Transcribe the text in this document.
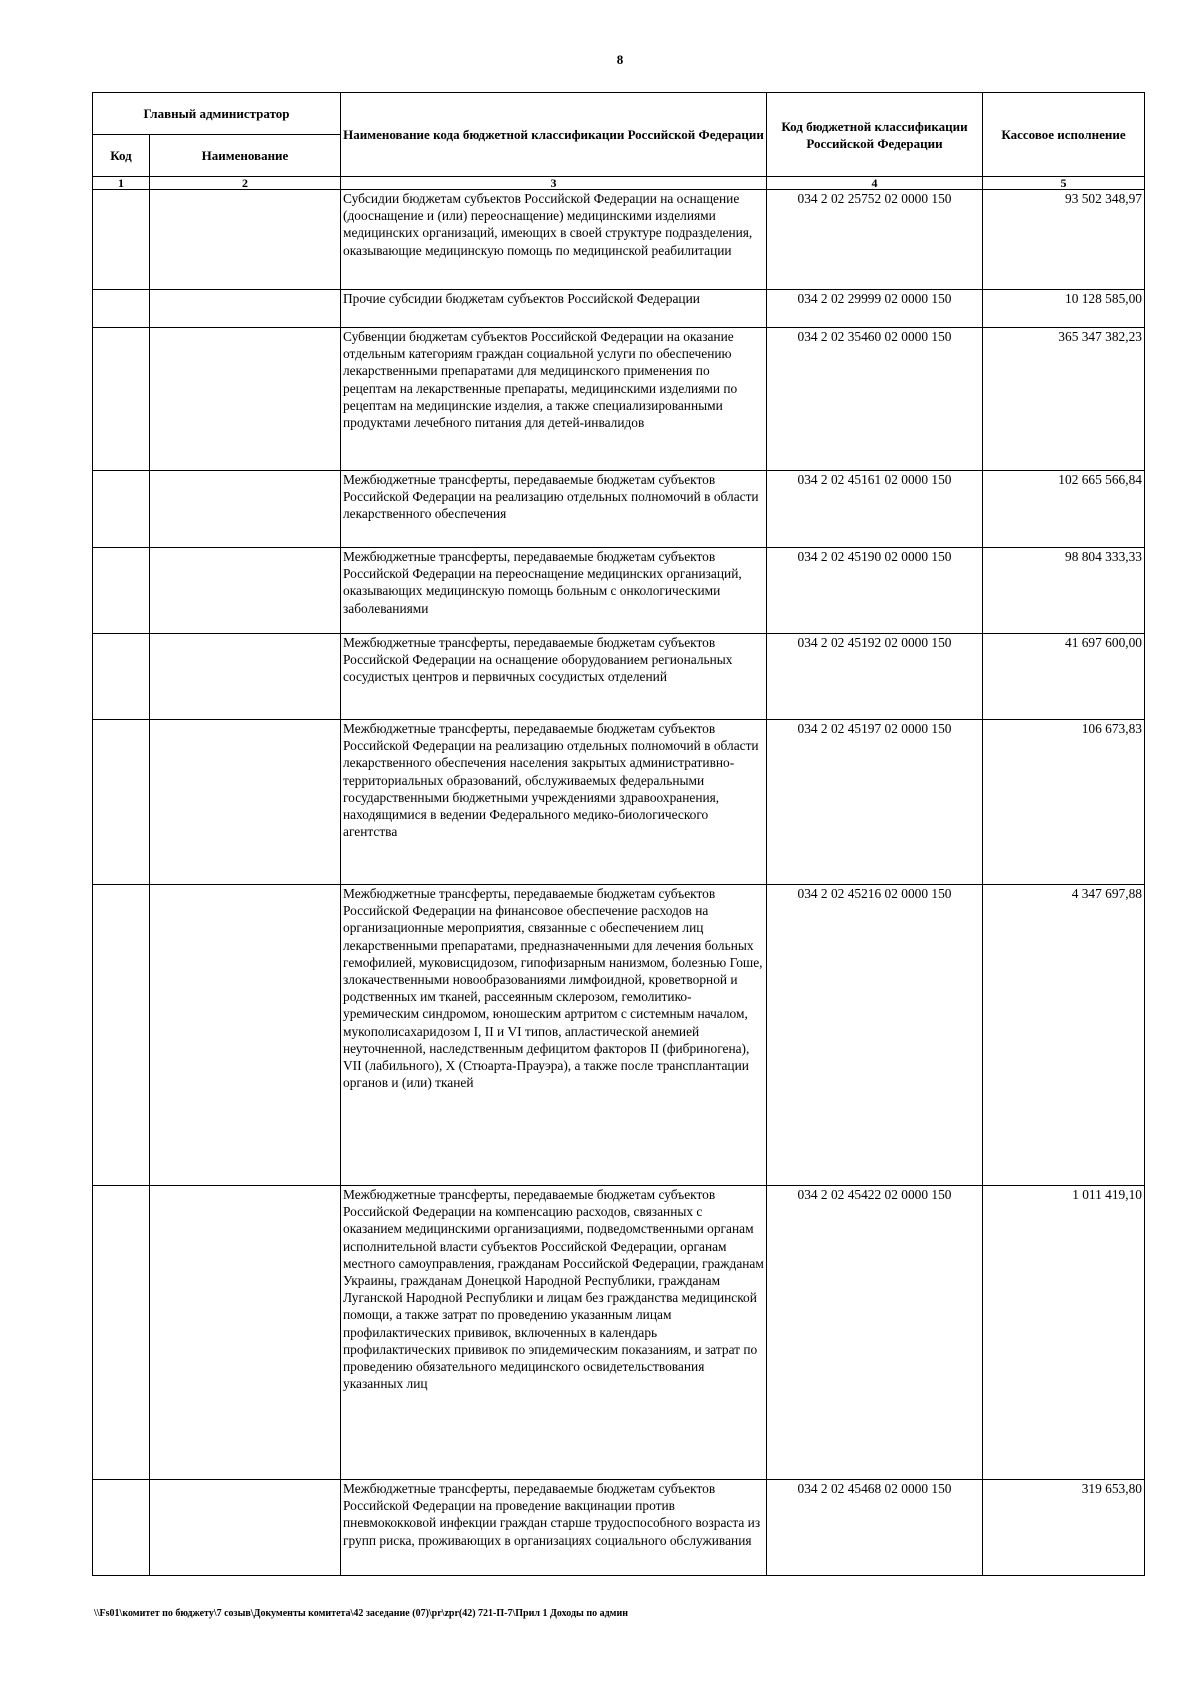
8
Главный администратор		Наименование кода бюджетной классификации Российской Федерации	Код бюджетной классификации Российской Федерации	Кассовое исполнение
Код	Наименование			
1	2	3	4	5
		Субсидии бюджетам субъектов Российской Федерации на оснащение (дооснащение и (или) переоснащение) медицинскими изделиями медицинских организаций, имеющих в своей структуре подразделения, оказывающие медицинскую помощь по медицинской реабилитации	034 2 02 25752 02 0000 150	93 502 348,97
		Прочие субсидии бюджетам субъектов Российской Федерации	034 2 02 29999 02 0000 150	10 128 585,00
		Субвенции бюджетам субъектов Российской Федерации на оказание отдельным категориям граждан социальной услуги по обеспечению лекарственными препаратами для медицинского применения по рецептам на лекарственные препараты, медицинскими изделиями по рецептам на медицинские изделия, а также специализированными продуктами лечебного питания для детей-инвалидов	034 2 02 35460 02 0000 150	365 347 382,23
		Межбюджетные трансферты, передаваемые бюджетам субъектов Российской Федерации на реализацию отдельных полномочий в области лекарственного обеспечения	034 2 02 45161 02 0000 150	102 665 566,84
		Межбюджетные трансферты, передаваемые бюджетам субъектов Российской Федерации на переоснащение медицинских организаций, оказывающих медицинскую помощь больным с онкологическими заболеваниями	034 2 02 45190 02 0000 150	98 804 333,33
		Межбюджетные трансферты, передаваемые бюджетам субъектов Российской Федерации на оснащение оборудованием региональных сосудистых центров и первичных сосудистых отделений	034 2 02 45192 02 0000 150	41 697 600,00
		Межбюджетные трансферты, передаваемые бюджетам субъектов Российской Федерации на реализацию отдельных полномочий в области лекарственного обеспечения населения закрытых административно-территориальных образований, обслуживаемых федеральными государственными бюджетными учреждениями здравоохранения, находящимися в ведении Федерального медико-биологического агентства	034 2 02 45197 02 0000 150	106 673,83
		Межбюджетные трансферты, передаваемые бюджетам субъектов Российской Федерации на финансовое обеспечение расходов на организационные мероприятия, связанные с обеспечением лиц лекарственными препаратами, предназначенными для лечения больных гемофилией, муковисцидозом, гипофизарным нанизмом, болезнью Гоше, злокачественными новообразованиями лимфоидной, кроветворной и родственных им тканей, рассеянным склерозом, гемолитико-уремическим синдромом, юношеским артритом с системным началом, мукополисахаридозом I, II и VI типов, апластической анемией неуточненной, наследственным дефицитом факторов II (фибриногена), VII (лабильного), X (Стюарта-Прауэра), а также после трансплантации органов и (или) тканей	034 2 02 45216 02 0000 150	4 347 697,88
		Межбюджетные трансферты, передаваемые бюджетам субъектов Российской Федерации на компенсацию расходов, связанных с оказанием медицинскими организациями, подведомственными органам исполнительной власти субъектов Российской Федерации, органам местного самоуправления, гражданам Российской Федерации, гражданам Украины, гражданам Донецкой Народной Республики, гражданам Луганской Народной Республики и лицам без гражданства медицинской помощи, а также затрат по проведению указанным лицам профилактических прививок, включенных в календарь профилактических прививок по эпидемическим показаниям, и затрат по проведению обязательного медицинского освидетельствования указанных лиц	034 2 02 45422 02 0000 150	1 011 419,10
		Межбюджетные трансферты, передаваемые бюджетам субъектов Российской Федерации на проведение вакцинации против пневмококковой инфекции граждан старше трудоспособного возраста из групп риска, проживающих в организациях социального обслуживания	034 2 02 45468 02 0000 150	319 653,80
\\Fs01\комитет по бюджету\7 созыв\Документы комитета\42 заседание (07)\pr\zpr(42) 721-П-7\Прил 1 Доходы по админ
